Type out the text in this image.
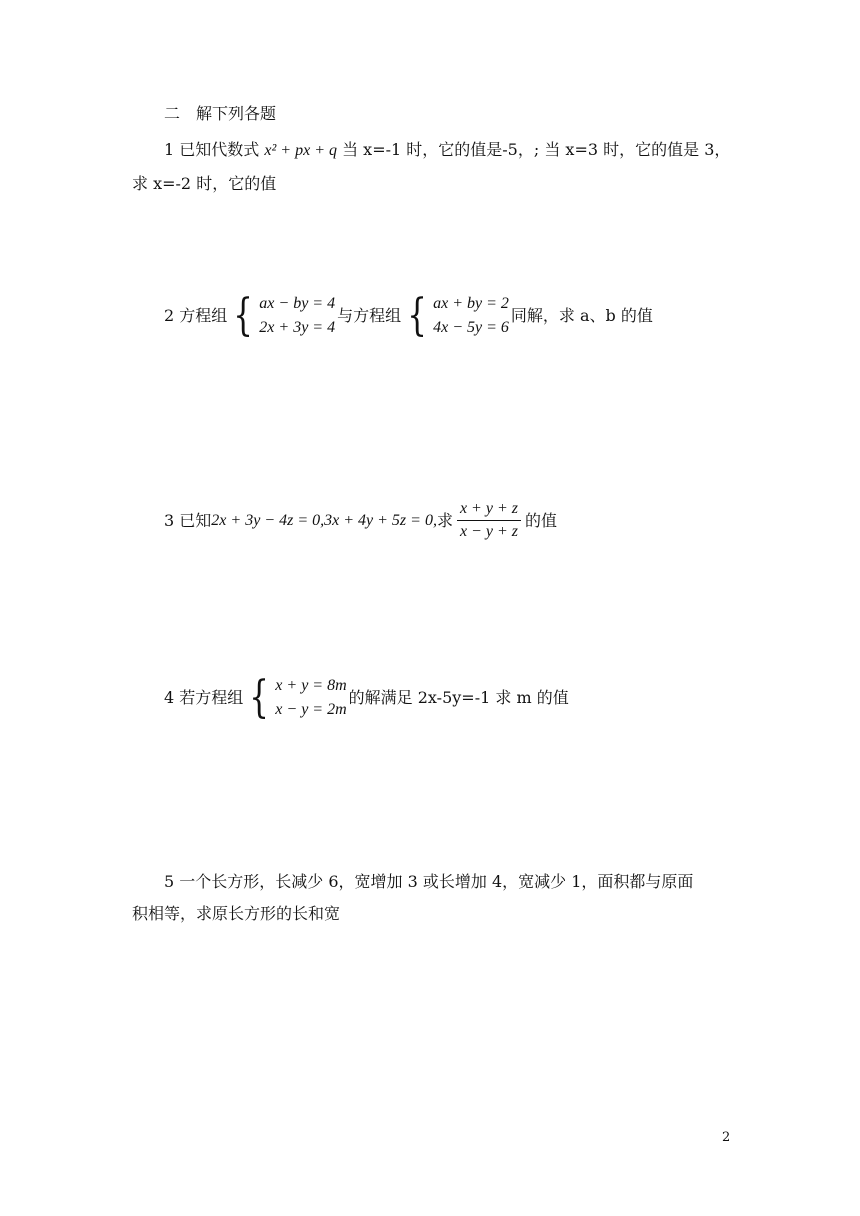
二　解下列各题
1 已知代数式 x² + px + q 当 x=-1 时，它的值是-5，; 当 x=3 时，它的值是 3，
求 x=-2 时，它的值
2
方程组 { ax − by = 4
2x + 3y = 4
与方程组 { ax + by = 2
4x − 5y = 6
同解，求 a、b 的值
3
已知 2x + 3y − 4z = 0,3x + 4y + 5z = 0, 求 $\frac{x + y + z}{x - y + z}$ 的值
4
若方程组 { x + y = 8m
x − y = 2m
的解满足 2x-5y=-1 求 m 的值
5 一个长方形，长减少 6，宽增加 3 或长增加 4，宽减少 1，面积都与原面
积相等，求原长方形的长和宽
2
